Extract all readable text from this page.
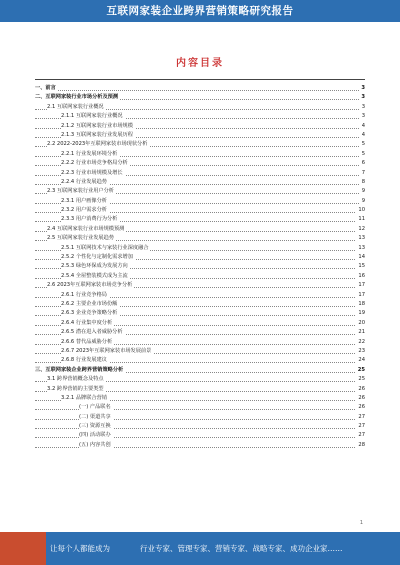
互联网家装企业跨界营销策略研究报告
内容目录
一、前言	3
二、互联网家装行业市场分析及预测	3
2.1 互联网家装行业概况	3
2.1.1 互联网家装行业概况	3
2.1.2 互联网家装行业市场规模	4
2.1.3 互联网家装行业发展历程	4
2.2 2022-2023年互联网家装市场现状分析	5
2.2.1 行业发展环境分析	5
2.2.2 行业市场竞争格局分析	6
2.2.3 行业市场规模及增长	7
2.2.4 行业发展趋势	8
2.3 互联网家装行业用户分析	9
2.3.1 用户画像分析	9
2.3.2 用户需求分析	10
2.3.3 用户消费行为分析	11
2.4 互联网家装行业市场规模预测	12
2.5 互联网家装行业发展趋势	13
2.5.1 互联网技术与家装行业深度融合	13
2.5.2 个性化与定制化需求增加	14
2.5.3 绿色环保成为发展方向	15
2.5.4 全屋整装模式成为主流	16
2.6 2023年互联网家装市场竞争分析	17
2.6.1 行业竞争格局	17
2.6.2 主要企业市场份额	18
2.6.3 企业竞争策略分析	19
2.6.4 行业集中度分析	20
2.6.5 潜在进入者威胁分析	21
2.6.6 替代品威胁分析	22
2.6.7 2023年互联网家装市场发展前景	23
2.6.8 行业发展建议	24
三、互联网家装企业跨界营销策略分析	25
3.1 跨界营销概念及特点	25
3.2 跨界营销的主要类型	26
3.2.1 品牌联合营销	26
(一) 产品联名	26
(二) 渠道共享	27
(三) 资源互换	27
(四) 活动联办	27
(五) 内容共创	28
1
让每个人都能成为	行业专家、管理专家、营销专家、战略专家、成功企业家……
